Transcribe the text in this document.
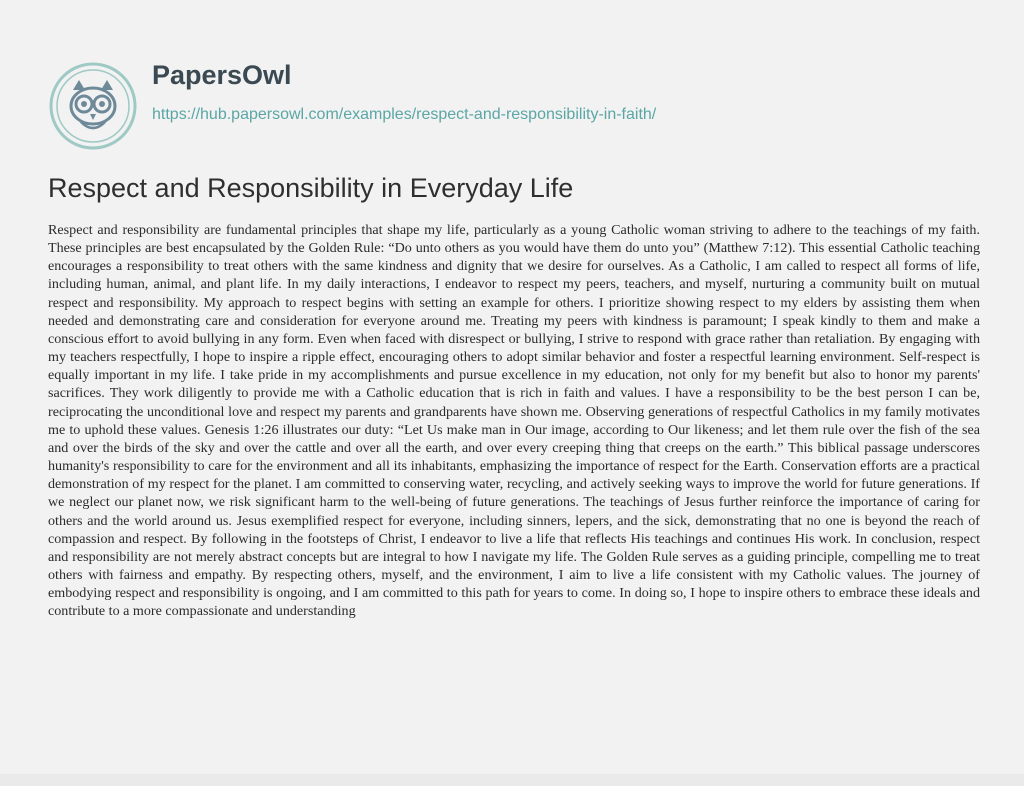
PapersOwl
https://hub.papersowl.com/examples/respect-and-responsibility-in-faith/
Respect and Responsibility in Everyday Life

Respect and responsibility are fundamental principles that shape my life, particularly as a young Catholic woman striving to adhere to the teachings of my faith. These principles are best encapsulated by the Golden Rule: “Do unto others as you would have them do unto you” (Matthew 7:12). This essential Catholic teaching encourages a responsibility to treat others with the same kindness and dignity that we desire for ourselves. As a Catholic, I am called to respect all forms of life, including human, animal, and plant life. In my daily interactions, I endeavor to respect my peers, teachers, and myself, nurturing a community built on mutual respect and responsibility. My approach to respect begins with setting an example for others. I prioritize showing respect to my elders by assisting them when needed and demonstrating care and consideration for everyone around me. Treating my peers with kindness is paramount; I speak kindly to them and make a conscious effort to avoid bullying in any form. Even when faced with disrespect or bullying, I strive to respond with grace rather than retaliation. By engaging with my teachers respectfully, I hope to inspire a ripple effect, encouraging others to adopt similar behavior and foster a respectful learning environment. Self-respect is equally important in my life. I take pride in my accomplishments and pursue excellence in my education, not only for my benefit but also to honor my parents' sacrifices. They work diligently to provide me with a Catholic education that is rich in faith and values. I have a responsibility to be the best person I can be, reciprocating the unconditional love and respect my parents and grandparents have shown me. Observing generations of respectful Catholics in my family motivates me to uphold these values. Genesis 1:26 illustrates our duty: “Let Us make man in Our image, according to Our likeness; and let them rule over the fish of the sea and over the birds of the sky and over the cattle and over all the earth, and over every creeping thing that creeps on the earth.” This biblical passage underscores humanity's responsibility to care for the environment and all its inhabitants, emphasizing the importance of respect for the Earth. Conservation efforts are a practical demonstration of my respect for the planet. I am committed to conserving water, recycling, and actively seeking ways to improve the world for future generations. If we neglect our planet now, we risk significant harm to the well-being of future generations. The teachings of Jesus further reinforce the importance of caring for others and the world around us. Jesus exemplified respect for everyone, including sinners, lepers, and the sick, demonstrating that no one is beyond the reach of compassion and respect. By following in the footsteps of Christ, I endeavor to live a life that reflects His teachings and continues His work. In conclusion, respect and responsibility are not merely abstract concepts but are integral to how I navigate my life. The Golden Rule serves as a guiding principle, compelling me to treat others with fairness and empathy. By respecting others, myself, and the environment, I aim to live a life consistent with my Catholic values. The journey of embodying respect and responsibility is ongoing, and I am committed to this path for years to come. In doing so, I hope to inspire others to embrace these ideals and contribute to a more compassionate and understanding
